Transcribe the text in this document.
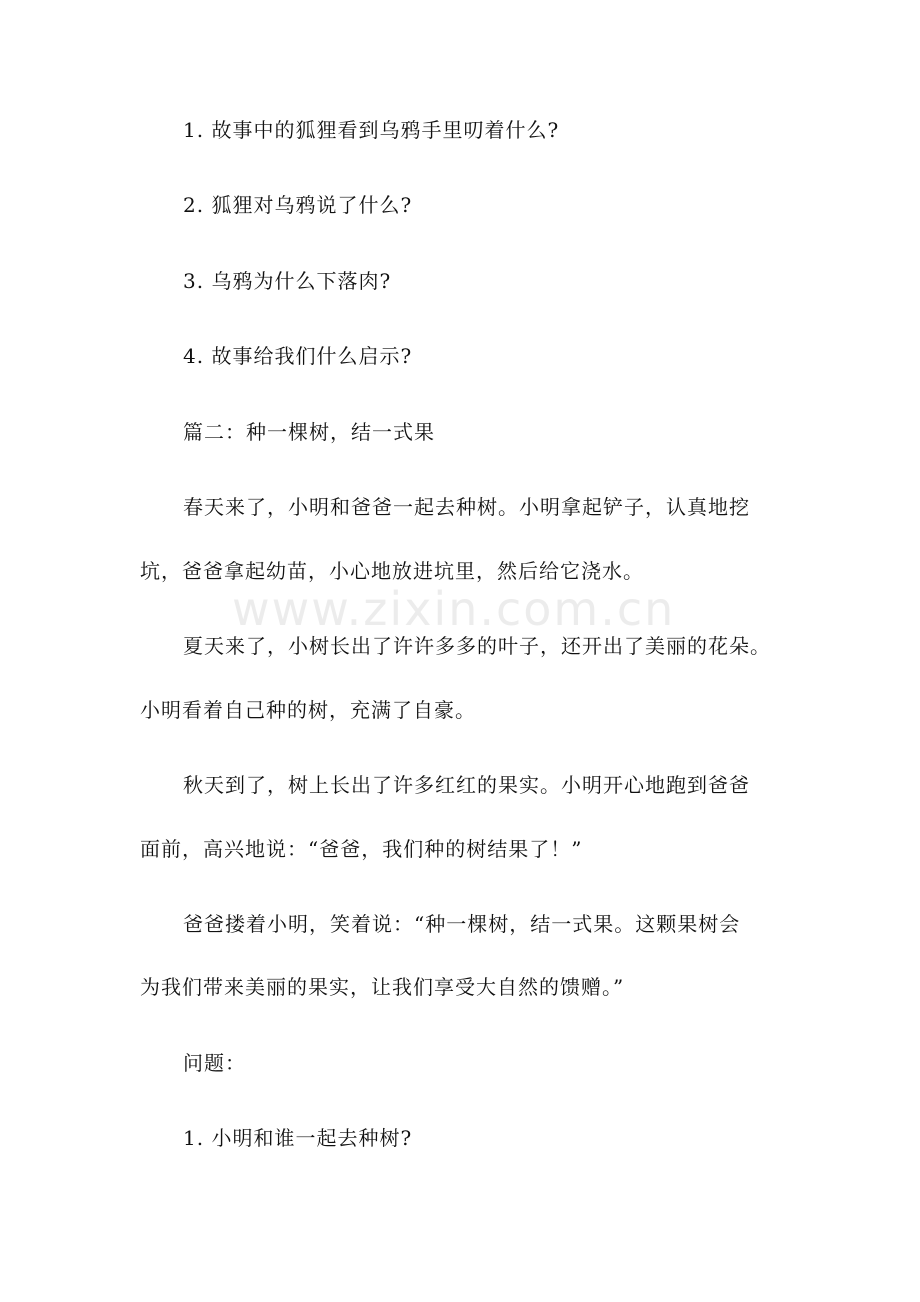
www.zixin.com.cn
1. 故事中的狐狸看到乌鸦手里叨着什么?
2. 狐狸对乌鸦说了什么?
3. 乌鸦为什么下落肉?
4. 故事给我们什么启示?
篇二：种一棵树，结一式果
春天来了，小明和爸爸一起去种树。小明拿起铲子，认真地挖
坑，爸爸拿起幼苗，小心地放进坑里，然后给它浇水。
夏天来了，小树长出了许许多多的叶子，还开出了美丽的花朵。
小明看着自己种的树，充满了自豪。
秋天到了，树上长出了许多红红的果实。小明开心地跑到爸爸
面前，高兴地说：“爸爸，我们种的树结果了！”
爸爸搂着小明，笑着说：“种一棵树，结一式果。这颗果树会
为我们带来美丽的果实，让我们享受大自然的馈赠。”
问题：
1. 小明和谁一起去种树?
